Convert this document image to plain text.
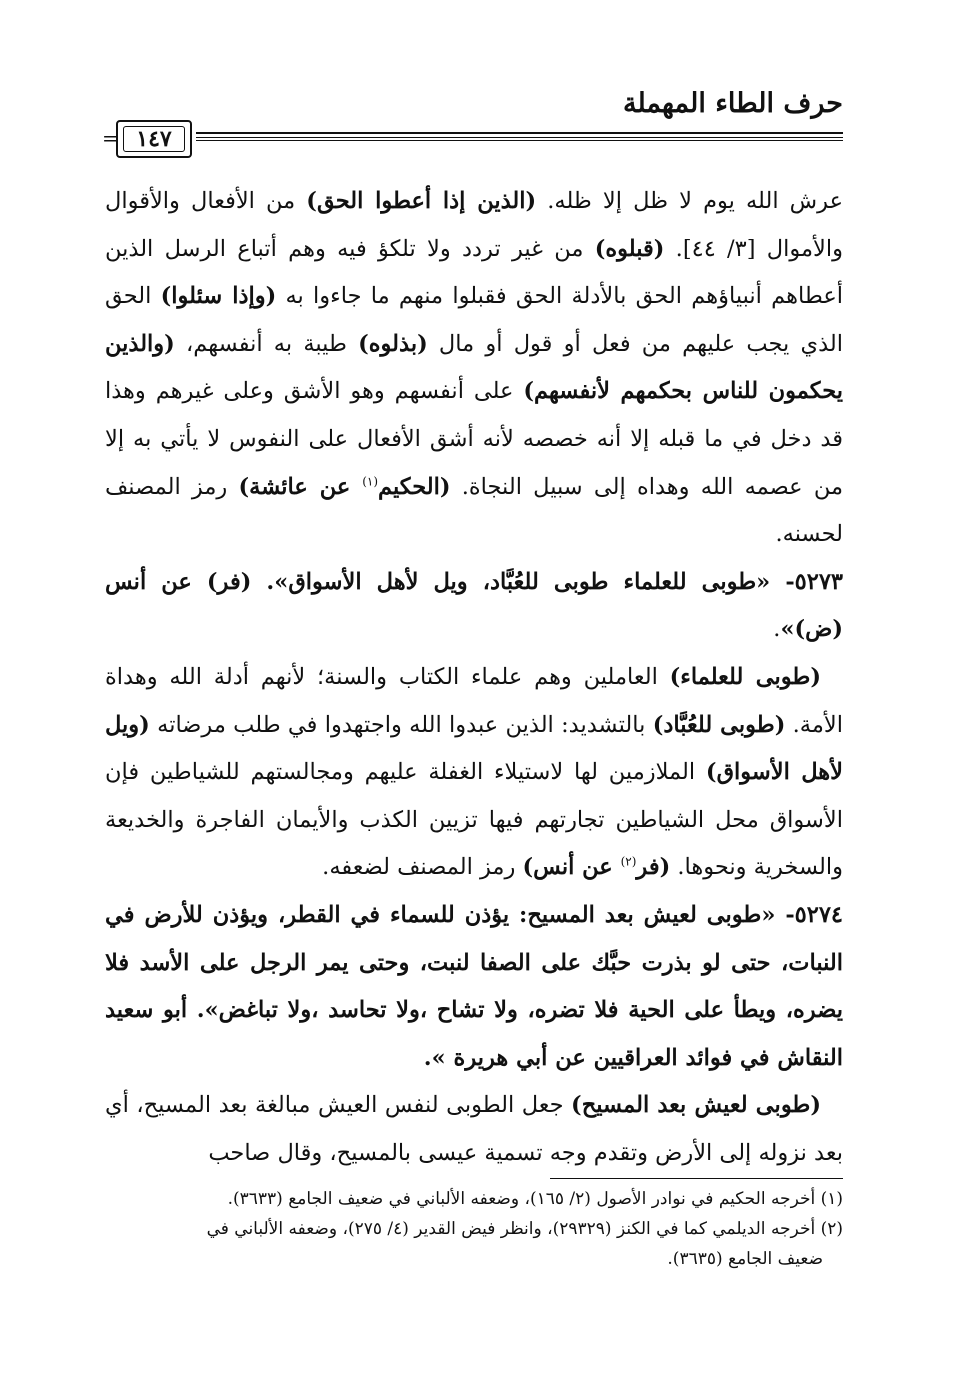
حرف الطاء المهملة
١٤٧
=

عرش الله يوم لا ظل إلا ظله. (الذين إذا أعطوا الحق) من الأفعال والأقوال والأموال [٣/ ٤٤]. (قبلوه) من غير تردد ولا تلكؤ فيه وهم أتباع الرسل الذين أعطاهم أنبياؤهم الحق بالأدلة الحق فقبلوا منهم ما جاءوا به (وإذا سئلوا) الحق الذي يجب عليهم من فعل أو قول أو مال (بذلوه) طيبة به أنفسهم، (والذين يحكمون للناس بحكمهم لأنفسهم) على أنفسهم وهو الأشق وعلى غيرهم وهذا قد دخل في ما قبله إلا أنه خصصه لأنه أشق الأفعال على النفوس لا يأتي به إلا من عصمه الله وهداه إلى سبيل النجاة. (الحكيم$^{(١)}$ عن عائشة) رمز المصنف لحسنه.

٥٢٧٣- «طوبى للعلماء طوبى للعُبَّاد، ويل لأهل الأسواق». (فر) عن أنس (ض)».

(طوبى للعلماء) العاملين وهم علماء الكتاب والسنة؛ لأنهم أدلة الله وهداة الأمة. (طوبى للعُبَّاد) بالتشديد: الذين عبدوا الله واجتهدوا في طلب مرضاته (ويل لأهل الأسواق) الملازمين لها لاستيلاء الغفلة عليهم ومجالستهم للشياطين فإن الأسواق محل الشياطين تجارتهم فيها تزيين الكذب والأيمان الفاجرة والخديعة والسخرية ونحوها. (فر$^{(٢)}$ عن أنس) رمز المصنف لضعفه.

٥٢٧٤- «طوبى لعيش بعد المسيح: يؤذن للسماء في القطر، ويؤذن للأرض في النبات، حتى لو بذرت حبَّك على الصفا لنبت، وحتى يمر الرجل على الأسد فلا يضره، ويطأ على الحية فلا تضره، ولا تشاح ،ولا تحاسد ،ولا تباغض». أبو سعيد النقاش في فوائد العراقيين عن أبي هريرة ».

(طوبى لعيش بعد المسيح) جعل الطوبى لنفس العيش مبالغة بعد المسيح، أي بعد نزوله إلى الأرض وتقدم وجه تسمية عيسى بالمسيح، وقال صاحب

(١) أخرجه الحكيم في نوادر الأصول (٢/ ١٦٥)، وضعفه الألباني في ضعيف الجامع (٣٦٣٣).

(٢) أخرجه الديلمي كما في الكنز (٢٩٣٢٩)، وانظر فيض القدير (٤/ ٢٧٥)، وضعفه الألباني في

ضعيف الجامع (٣٦٣٥).
